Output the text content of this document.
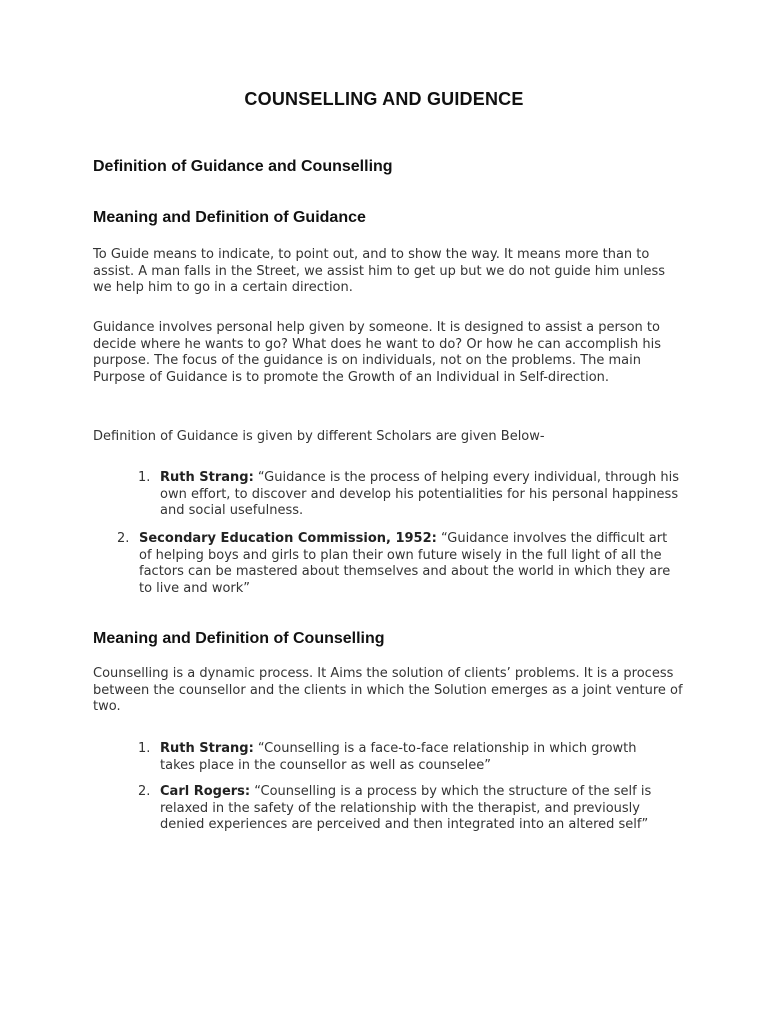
COUNSELLING AND GUIDENCE
Definition of Guidance and Counselling
Meaning and Definition of Guidance

To Guide means to indicate, to point out, and to show the way. It means more than to assist. A man falls in the Street, we assist him to get up but we do not guide him unless we help him to go in a certain direction.

Guidance involves personal help given by someone. It is designed to assist a person to decide where he wants to go? What does he want to do? Or how he can accomplish his purpose. The focus of the guidance is on individuals, not on the problems. The main Purpose of Guidance is to promote the Growth of an Individual in Self-direction.

Definition of Guidance is given by different Scholars are given Below-

1. Ruth Strang: “Guidance is the process of helping every individual, through his own effort, to discover and develop his potentialities for his personal happiness and social usefulness.
2. Secondary Education Commission, 1952: “Guidance involves the difficult art of helping boys and girls to plan their own future wisely in the full light of all the factors can be mastered about themselves and about the world in which they are to live and work”
Meaning and Definition of Counselling

Counselling is a dynamic process. It Aims the solution of clients’ problems. It is a process between the counsellor and the clients in which the Solution emerges as a joint venture of two.

1. Ruth Strang: “Counselling is a face-to-face relationship in which growth takes place in the counsellor as well as counselee”
2. Carl Rogers: “Counselling is a process by which the structure of the self is relaxed in the safety of the relationship with the therapist, and previously denied experiences are perceived and then integrated into an altered self”
